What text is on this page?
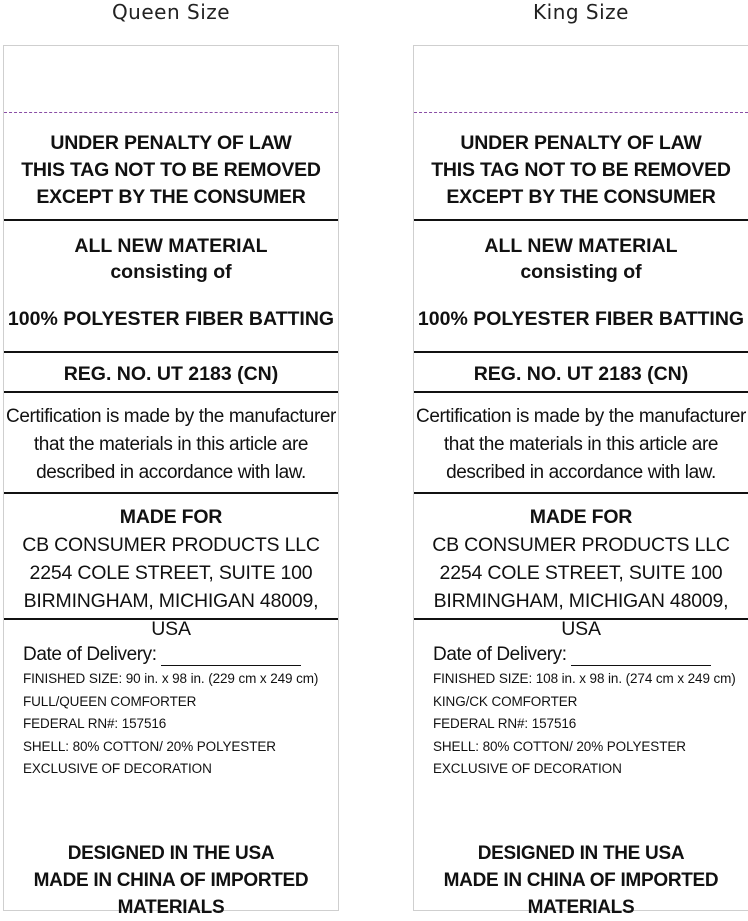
Queen Size
UNDER PENALTY OF LAW
THIS TAG NOT TO BE REMOVED
EXCEPT BY THE CONSUMER
ALL NEW MATERIAL
consisting of
100% POLYESTER FIBER BATTING
REG. NO. UT 2183 (CN)
Certification is made by the manufacturer
that the materials in this article are
described in accordance with law.
MADE FOR
CB CONSUMER PRODUCTS LLC
2254 COLE STREET, SUITE 100
BIRMINGHAM, MICHIGAN 48009, USA
Date of Delivery:
FINISHED SIZE: 90 in. x 98 in. (229 cm x 249 cm)
FULL/QUEEN COMFORTER
FEDERAL RN#: 157516
SHELL: 80% COTTON/ 20% POLYESTER
EXCLUSIVE OF DECORATION
DESIGNED IN THE USA
MADE IN CHINA OF IMPORTED MATERIALS
King Size
UNDER PENALTY OF LAW
THIS TAG NOT TO BE REMOVED
EXCEPT BY THE CONSUMER
ALL NEW MATERIAL
consisting of
100% POLYESTER FIBER BATTING
REG. NO. UT 2183 (CN)
Certification is made by the manufacturer
that the materials in this article are
described in accordance with law.
MADE FOR
CB CONSUMER PRODUCTS LLC
2254 COLE STREET, SUITE 100
BIRMINGHAM, MICHIGAN 48009, USA
Date of Delivery:
FINISHED SIZE: 108 in. x 98 in. (274 cm x 249 cm)
KING/CK COMFORTER
FEDERAL RN#: 157516
SHELL: 80% COTTON/ 20% POLYESTER
EXCLUSIVE OF DECORATION
DESIGNED IN THE USA
MADE IN CHINA OF IMPORTED MATERIALS
